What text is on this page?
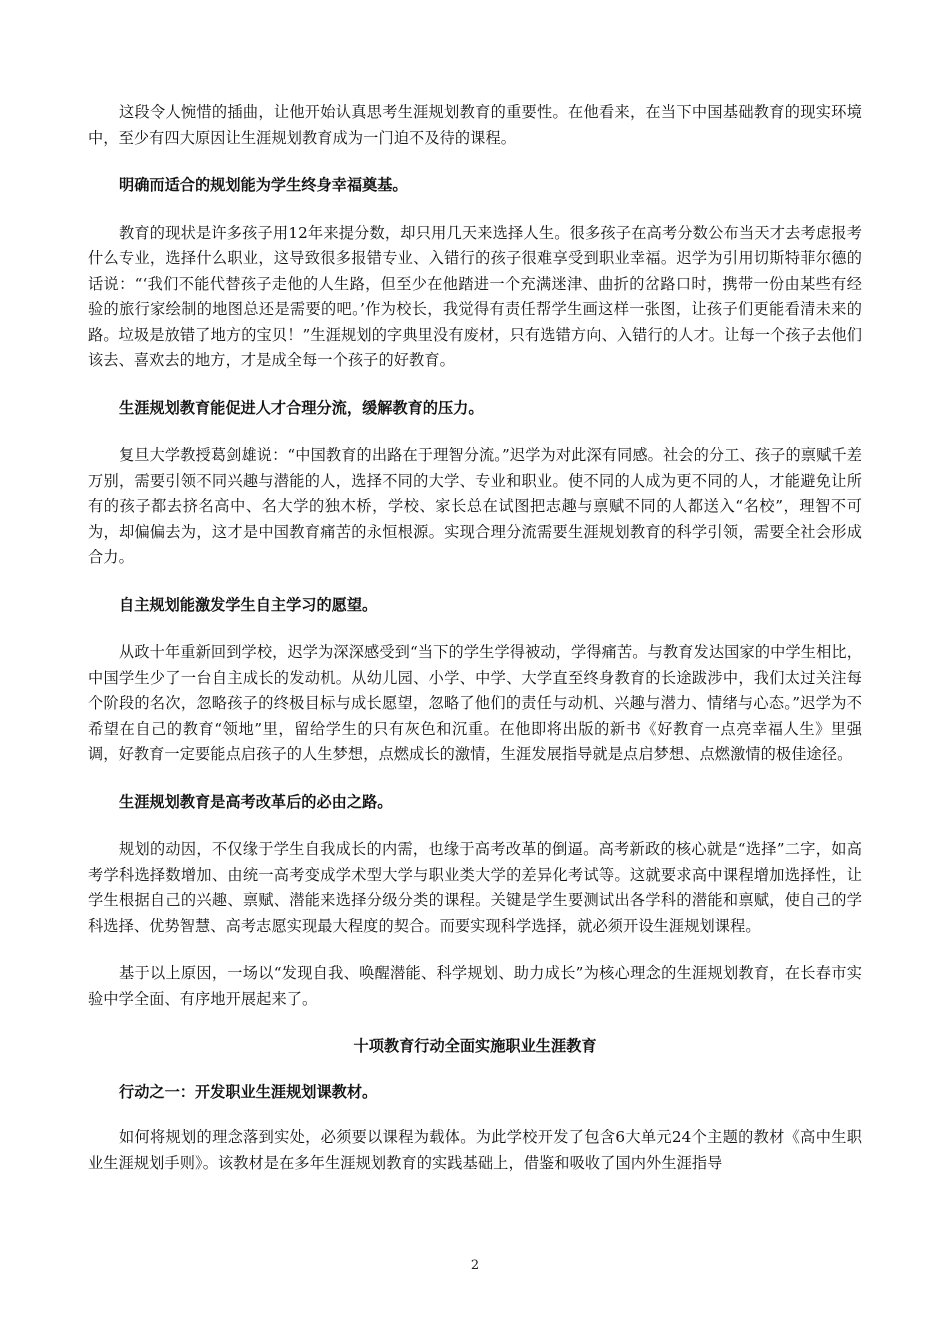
这段令人惋惜的插曲，让他开始认真思考生涯规划教育的重要性。在他看来，在当下中国基础教育的现实环境中，至少有四大原因让生涯规划教育成为一门迫不及待的课程。

明确而适合的规划能为学生终身幸福奠基。

教育的现状是许多孩子用12年来提分数，却只用几天来选择人生。很多孩子在高考分数公布当天才去考虑报考什么专业，选择什么职业，这导致很多报错专业、入错行的孩子很难享受到职业幸福。迟学为引用切斯特菲尔德的话说：“‘我们不能代替孩子走他的人生路，但至少在他踏进一个充满迷津、曲折的岔路口时，携带一份由某些有经验的旅行家绘制的地图总还是需要的吧。’作为校长，我觉得有责任帮学生画这样一张图，让孩子们更能看清未来的路。垃圾是放错了地方的宝贝！”生涯规划的字典里没有废材，只有选错方向、入错行的人才。让每一个孩子去他们该去、喜欢去的地方，才是成全每一个孩子的好教育。

生涯规划教育能促进人才合理分流，缓解教育的压力。

复旦大学教授葛剑雄说：“中国教育的出路在于理智分流。”迟学为对此深有同感。社会的分工、孩子的禀赋千差万别，需要引领不同兴趣与潜能的人，选择不同的大学、专业和职业。使不同的人成为更不同的人，才能避免让所有的孩子都去挤名高中、名大学的独木桥，学校、家长总在试图把志趣与禀赋不同的人都送入“名校”，理智不可为，却偏偏去为，这才是中国教育痛苦的永恒根源。实现合理分流需要生涯规划教育的科学引领，需要全社会形成合力。

自主规划能激发学生自主学习的愿望。

从政十年重新回到学校，迟学为深深感受到“当下的学生学得被动，学得痛苦。与教育发达国家的中学生相比，中国学生少了一台自主成长的发动机。从幼儿园、小学、中学、大学直至终身教育的长途跋涉中，我们太过关注每个阶段的名次，忽略孩子的终极目标与成长愿望，忽略了他们的责任与动机、兴趣与潜力、情绪与心态。”迟学为不希望在自己的教育“领地”里，留给学生的只有灰色和沉重。在他即将出版的新书《好教育一点亮幸福人生》里强调，好教育一定要能点启孩子的人生梦想，点燃成长的激情，生涯发展指导就是点启梦想、点燃激情的极佳途径。

生涯规划教育是高考改革后的必由之路。

规划的动因，不仅缘于学生自我成长的内需，也缘于高考改革的倒逼。高考新政的核心就是“选择”二字，如高考学科选择数增加、由统一高考变成学术型大学与职业类大学的差异化考试等。这就要求高中课程增加选择性，让学生根据自己的兴趣、禀赋、潜能来选择分级分类的课程。关键是学生要测试出各学科的潜能和禀赋，使自己的学科选择、优势智慧、高考志愿实现最大程度的契合。而要实现科学选择，就必须开设生涯规划课程。

基于以上原因，一场以“发现自我、唤醒潜能、科学规划、助力成长”为核心理念的生涯规划教育，在长春市实验中学全面、有序地开展起来了。

十项教育行动全面实施职业生涯教育

行动之一：开发职业生涯规划课教材。

如何将规划的理念落到实处，必须要以课程为载体。为此学校开发了包含6大单元24个主题的教材《高中生职业生涯规划手则》。该教材是在多年生涯规划教育的实践基础上，借鉴和吸收了国内外生涯指导

2
